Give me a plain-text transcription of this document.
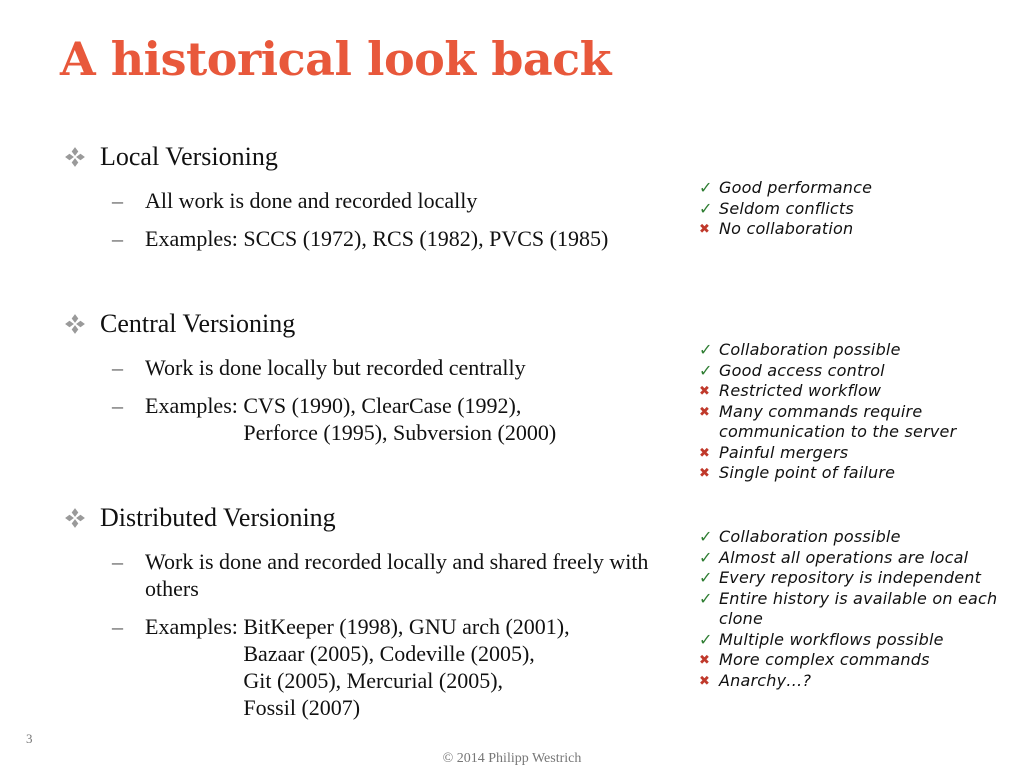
A historical look back
Local Versioning
– All work is done and recorded locally
– Examples: SCCS (1972), RCS (1982), PVCS (1985)
Central Versioning
– Work is done locally but recorded centrally
– Examples: CVS (1990), ClearCase (1992),
Perforce (1995), Subversion (2000)
Distributed Versioning
– Work is done and recorded locally and shared freely with others
– Examples: BitKeeper (1998), GNU arch (2001),
Bazaar (2005), Codeville (2005),
Git (2005), Mercurial (2005),
Fossil (2007)
✓ Good performance
✓ Seldom conflicts
✖ No collaboration
✓ Collaboration possible
✓ Good access control
✖ Restricted workflow
✖ Many commands require communication to the server
✖ Painful mergers
✖ Single point of failure
✓ Collaboration possible
✓ Almost all operations are local
✓ Every repository is independent
✓ Entire history is available on each clone
✓ Multiple workflows possible
✖ More complex commands
✖ Anarchy…?
3
© 2014 Philipp Westrich
